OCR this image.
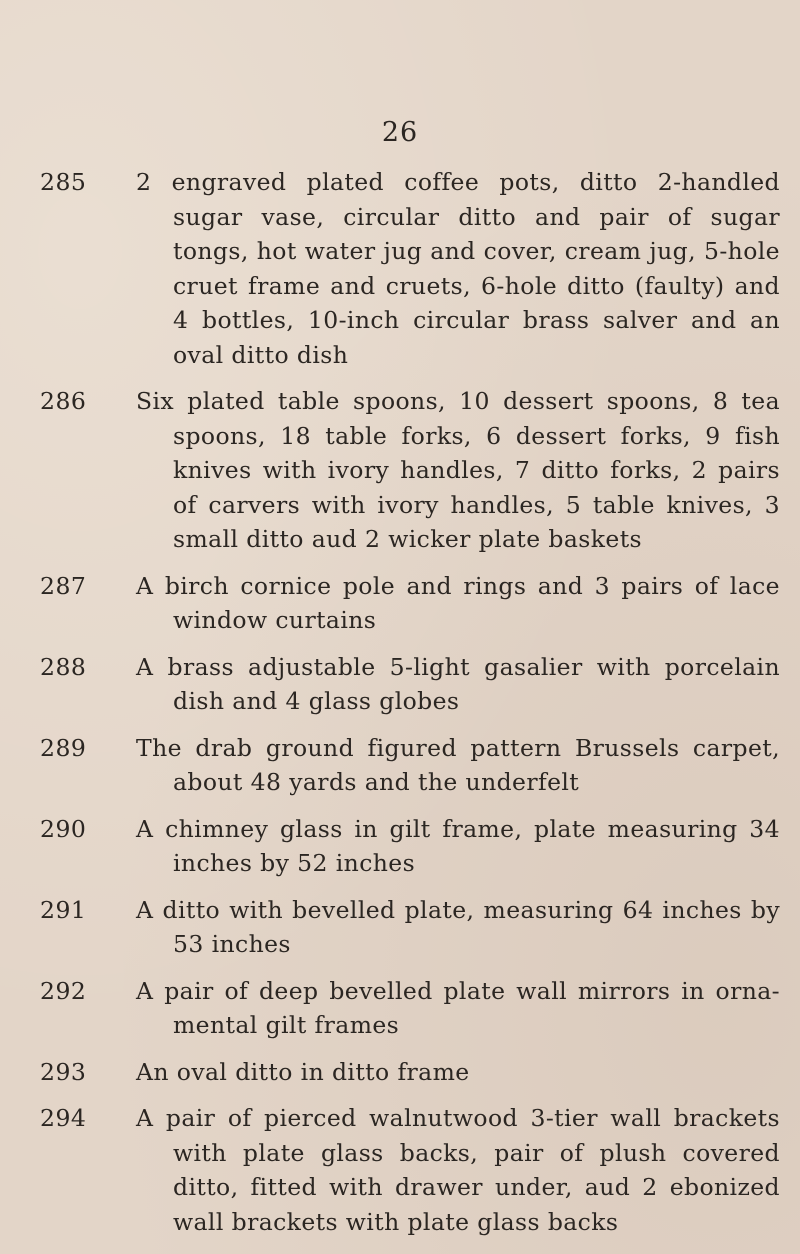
26
285	2 engraved plated coffee pots, ditto 2-handled sugar vase, circular ditto and pair of sugar tongs, hot water jug and cover, cream jug, 5-hole cruet frame and cruets, 6-hole ditto (faulty) and 4 bottles, 10-inch circular brass salver and an oval ditto dish
286	Six plated table spoons, 10 dessert spoons, 8 tea spoons, 18 table forks, 6 dessert forks, 9 fish knives with ivory handles, 7 ditto forks, 2 pairs of carvers with ivory handles, 5 table knives, 3 small ditto aud 2 wicker plate baskets
287	A birch cornice pole and rings and 3 pairs of lace window curtains
288	A brass adjustable 5-light gasalier with porcelain dish and 4 glass globes
289	The drab ground figured pattern Brussels carpet, about 48 yards and the underfelt
290	A chimney glass in gilt frame, plate measuring 34 inches by 52 inches
291	A ditto with bevelled plate, measuring 64 inches by 53 inches
292	A pair of deep bevelled plate wall mirrors in orna-mental gilt frames
293	An oval ditto in ditto frame
294	A pair of pierced walnutwood 3-tier wall brackets with plate glass backs, pair of plush covered ditto, fitted with drawer under, aud 2 ebonized wall brackets with plate glass backs
